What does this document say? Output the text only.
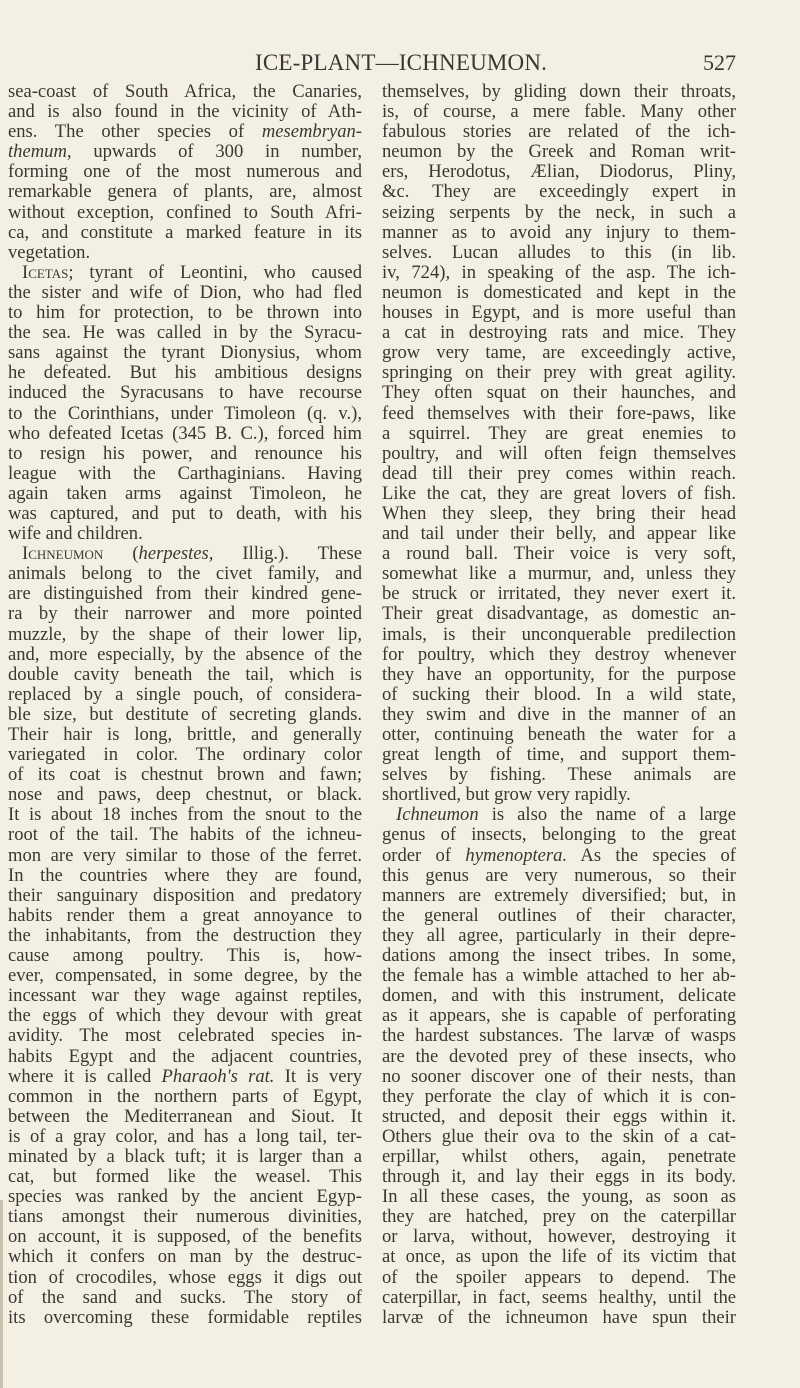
ICE-PLANT—ICHNEUMON.	527
sea-coast of South Africa, the Canaries,
and is also found in the vicinity of Ath-
ens. The other species of mesembryan-
themum, upwards of 300 in number,
forming one of the most numerous and
remarkable genera of plants, are, almost
without exception, confined to South Afri-
ca, and constitute a marked feature in its
vegetation.
Icetas; tyrant of Leontini, who caused
the sister and wife of Dion, who had fled
to him for protection, to be thrown into
the sea. He was called in by the Syracu-
sans against the tyrant Dionysius, whom
he defeated. But his ambitious designs
induced the Syracusans to have recourse
to the Corinthians, under Timoleon (q. v.),
who defeated Icetas (345 B. C.), forced him
to resign his power, and renounce his
league with the Carthaginians. Having
again taken arms against Timoleon, he
was captured, and put to death, with his
wife and children.
Ichneumon (herpestes, Illig.). These
animals belong to the civet family, and
are distinguished from their kindred gene-
ra by their narrower and more pointed
muzzle, by the shape of their lower lip,
and, more especially, by the absence of the
double cavity beneath the tail, which is
replaced by a single pouch, of considera-
ble size, but destitute of secreting glands.
Their hair is long, brittle, and generally
variegated in color. The ordinary color
of its coat is chestnut brown and fawn;
nose and paws, deep chestnut, or black.
It is about 18 inches from the snout to the
root of the tail. The habits of the ichneu-
mon are very similar to those of the ferret.
In the countries where they are found,
their sanguinary disposition and predatory
habits render them a great annoyance to
the inhabitants, from the destruction they
cause among poultry. This is, how-
ever, compensated, in some degree, by the
incessant war they wage against reptiles,
the eggs of which they devour with great
avidity. The most celebrated species in-
habits Egypt and the adjacent countries,
where it is called Pharaoh's rat. It is very
common in the northern parts of Egypt,
between the Mediterranean and Siout. It
is of a gray color, and has a long tail, ter-
minated by a black tuft; it is larger than a
cat, but formed like the weasel. This
species was ranked by the ancient Egyp-
tians amongst their numerous divinities,
on account, it is supposed, of the benefits
which it confers on man by the destruc-
tion of crocodiles, whose eggs it digs out
of the sand and sucks. The story of
its overcoming these formidable reptiles
themselves, by gliding down their throats,
is, of course, a mere fable. Many other
fabulous stories are related of the ich-
neumon by the Greek and Roman writ-
ers, Herodotus, Ælian, Diodorus, Pliny,
&c. They are exceedingly expert in
seizing serpents by the neck, in such a
manner as to avoid any injury to them-
selves. Lucan alludes to this (in lib.
iv, 724), in speaking of the asp. The ich-
neumon is domesticated and kept in the
houses in Egypt, and is more useful than
a cat in destroying rats and mice. They
grow very tame, are exceedingly active,
springing on their prey with great agility.
They often squat on their haunches, and
feed themselves with their fore-paws, like
a squirrel. They are great enemies to
poultry, and will often feign themselves
dead till their prey comes within reach.
Like the cat, they are great lovers of fish.
When they sleep, they bring their head
and tail under their belly, and appear like
a round ball. Their voice is very soft,
somewhat like a murmur, and, unless they
be struck or irritated, they never exert it.
Their great disadvantage, as domestic an-
imals, is their unconquerable predilection
for poultry, which they destroy whenever
they have an opportunity, for the purpose
of sucking their blood. In a wild state,
they swim and dive in the manner of an
otter, continuing beneath the water for a
great length of time, and support them-
selves by fishing. These animals are
shortlived, but grow very rapidly.
Ichneumon is also the name of a large
genus of insects, belonging to the great
order of hymenoptera. As the species of
this genus are very numerous, so their
manners are extremely diversified; but, in
the general outlines of their character,
they all agree, particularly in their depre-
dations among the insect tribes. In some,
the female has a wimble attached to her ab-
domen, and with this instrument, delicate
as it appears, she is capable of perforating
the hardest substances. The larvæ of wasps
are the devoted prey of these insects, who
no sooner discover one of their nests, than
they perforate the clay of which it is con-
structed, and deposit their eggs within it.
Others glue their ova to the skin of a cat-
erpillar, whilst others, again, penetrate
through it, and lay their eggs in its body.
In all these cases, the young, as soon as
they are hatched, prey on the caterpillar
or larva, without, however, destroying it
at once, as upon the life of its victim that
of the spoiler appears to depend. The
caterpillar, in fact, seems healthy, until the
larvæ of the ichneumon have spun their
